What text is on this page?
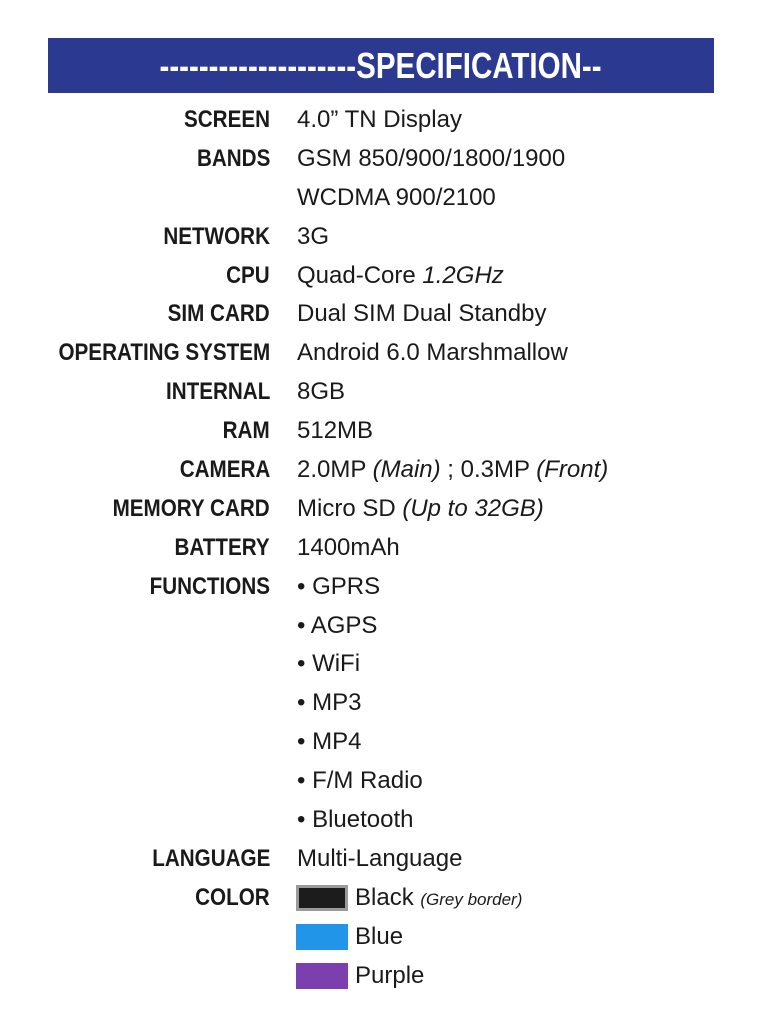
--------------------SPECIFICATION--
SCREEN 4.0” TN Display
BANDS GSM 850/900/1800/1900
WCDMA 900/2100
NETWORK 3G
CPU Quad-Core 1.2GHz
SIM CARD Dual SIM Dual Standby
OPERATING SYSTEM Android 6.0 Marshmallow
INTERNAL 8GB
RAM 512MB
CAMERA 2.0MP (Main) ; 0.3MP (Front)
MEMORY CARD Micro SD (Up to 32GB)
BATTERY 1400mAh
FUNCTIONS • GPRS
• AGPS
• WiFi
• MP3
• MP4
• F/M Radio
• Bluetooth
LANGUAGE Multi-Language
COLOR	Black (Grey border)
Blue
Purple
